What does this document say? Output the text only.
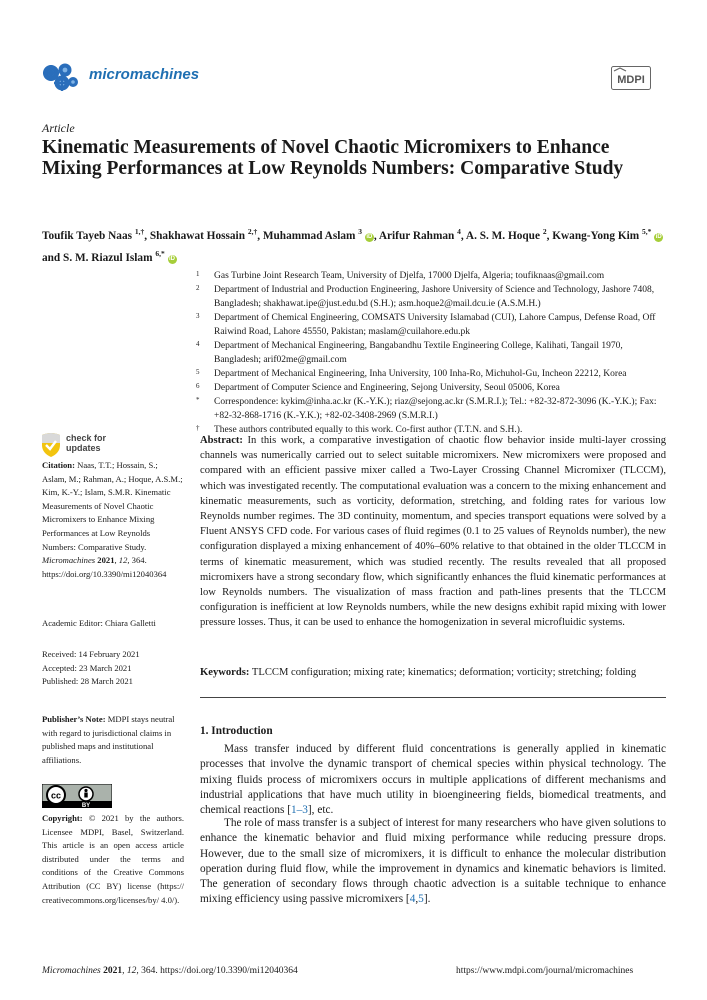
micromachines	MDPI
Article
Kinematic Measurements of Novel Chaotic Micromixers to Enhance Mixing Performances at Low Reynolds Numbers: Comparative Study
Toufik Tayeb Naas $^{1,\dagger}$, Shakhawat Hossain $^{2,\dagger}$, Muhammad Aslam $^3$ iD , Arifur Rahman $^4$, A. S. M. Hoque $^2$, Kwang-Yong Kim $^{5,*}$ iD and S. M. Riazul Islam $^{6,*}$ iD
1	Gas Turbine Joint Research Team, University of Djelfa, 17000 Djelfa, Algeria; toufiknaas@gmail.com
2	Department of Industrial and Production Engineering, Jashore University of Science and Technology, Jashore 7408, Bangladesh; shakhawat.ipe@just.edu.bd (S.H.); asm.hoque2@mail.dcu.ie (A.S.M.H.)
3	Department of Chemical Engineering, COMSATS University Islamabad (CUI), Lahore Campus, Defense Road, Off Raiwind Road, Lahore 45550, Pakistan; maslam@cuilahore.edu.pk
4	Department of Mechanical Engineering, Bangabandhu Textile Engineering College, Kalihati, Tangail 1970, Bangladesh; arif02me@gmail.com
5	Department of Mechanical Engineering, Inha University, 100 Inha-Ro, Michuhol-Gu, Incheon 22212, Korea
6	Department of Computer Science and Engineering, Sejong University, Seoul 05006, Korea
*	Correspondence: kykim@inha.ac.kr (K.-Y.K.); riaz@sejong.ac.kr (S.M.R.I.); Tel.: +82-32-872-3096 (K.-Y.K.); Fax: +82-32-868-1716 (K.-Y.K.); +82-02-3408-2969 (S.M.R.I.)
†	These authors contributed equally to this work. Co-first author (T.T.N. and S.H.).
check for
updates
Citation: Naas, T.T.; Hossain, S.; Aslam, M.; Rahman, A.; Hoque, A.S.M.; Kim, K.-Y.; Islam, S.M.R. Kinematic Measurements of Novel Chaotic Micromixers to Enhance Mixing Performances at Low Reynolds Numbers: Comparative Study. Micromachines 2021, 12, 364. https://doi.org/10.3390/mi12040364
Academic Editor: Chiara Galletti
Received: 14 February 2021
Accepted: 23 March 2021
Published: 28 March 2021
Publisher’s Note: MDPI stays neutral with regard to jurisdictional claims in published maps and institutional affiliations.
cc
BY
Copyright: © 2021 by the authors. Licensee MDPI, Basel, Switzerland. This article is an open access article distributed under the terms and conditions of the Creative Commons Attribution (CC BY) license (https:// creativecommons.org/licenses/by/ 4.0/).

Abstract: In this work, a comparative investigation of chaotic flow behavior inside multi-layer crossing channels was numerically carried out to select suitable micromixers. New micromixers were proposed and compared with an efficient passive mixer called a Two-Layer Crossing Channel Micromixer (TLCCM), which was investigated recently. The computational evaluation was a concern to the mixing enhancement and kinematic measurements, such as vorticity, deformation, stretching, and folding rates for various low Reynolds number regimes. The 3D continuity, momentum, and species transport equations were solved by a Fluent ANSYS CFD code. For various cases of fluid regimes (0.1 to 25 values of Reynolds number), the new configuration displayed a mixing enhancement of 40%–60% relative to that obtained in the older TLCCM in terms of kinematic measurement, which was studied recently. The results revealed that all proposed micromixers have a strong secondary flow, which significantly enhances the fluid kinematic performances at low Reynolds numbers. The visualization of mass fraction and path-lines presents that the TLCCM configuration is inefficient at low Reynolds numbers, while the new designs exhibit rapid mixing with lower pressure losses. Thus, it can be used to enhance the homogenization in several microfluidic systems.

Keywords: TLCCM configuration; mixing rate; kinematics; deformation; vorticity; stretching; folding

1. Introduction

Mass transfer induced by different fluid concentrations is generally applied in kinematic processes that involve the dynamic transport of chemical species within physical technology. The mixing fluids process of micromixers occurs in multiple applications of different mechanisms and industrial applications that have much utility in bioengineering fields, biomedical treatments, and chemical reactions [1–3], etc.

The role of mass transfer is a subject of interest for many researchers who have given solutions to enhance the kinematic behavior and fluid mixing performance while reducing pressure drops. However, due to the small size of micromixers, it is difficult to enhance the molecular distribution operation during fluid flow, while the improvement in dynamics and kinematic behaviors is limited. The generation of secondary flows through chaotic advection is a suitable technique to enhance mixing efficiency using passive micromixers [4,5].

Micromachines 2021, 12, 364. https://doi.org/10.3390/mi12040364	https://www.mdpi.com/journal/micromachines
